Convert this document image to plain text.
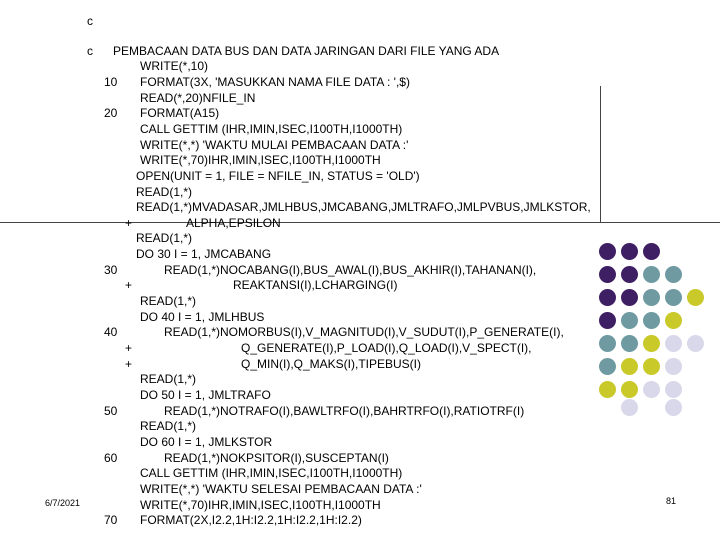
c
c PEMBACAAN DATA BUS DAN DATA JARINGAN DARI FILE YANG ADA
WRITE(*,10)
10 FORMAT(3X, 'MASUKKAN NAMA FILE DATA : ',$)
READ(*,20)NFILE_IN
20 FORMAT(A15)
CALL GETTIM (IHR,IMIN,ISEC,I100TH,I1000TH)
WRITE(*,*) 'WAKTU MULAI PEMBACAAN DATA :'
WRITE(*,70)IHR,IMIN,ISEC,I100TH,I1000TH
OPEN(UNIT = 1, FILE = NFILE_IN, STATUS = 'OLD')
READ(1,*)
READ(1,*)MVADASAR,JMLHBUS,JMCABANG,JMLTRAFO,JMLPVBUS,JMLKSTOR,
+	ALPHA,EPSILON
READ(1,*)
DO 30 I = 1, JMCABANG
30	READ(1,*)NOCABANG(I),BUS_AWAL(I),BUS_AKHIR(I),TAHANAN(I),
+	REAKTANSI(I),LCHARGING(I)
READ(1,*)
DO 40 I = 1, JMLHBUS
40	READ(1,*)NOMORBUS(I),V_MAGNITUD(I),V_SUDUT(I),P_GENERATE(I),
+	Q_GENERATE(I),P_LOAD(I),Q_LOAD(I),V_SPECT(I),
+	Q_MIN(I),Q_MAKS(I),TIPEBUS(I)
READ(1,*)
DO 50 I = 1, JMLTRAFO
50	READ(1,*)NOTRAFO(I),BAWLTRFO(I),BAHRTRFO(I),RATIOTRF(I)
READ(1,*)
DO 60 I = 1, JMLKSTOR
60	READ(1,*)NOKPSITOR(I),SUSCEPTAN(I)
CALL GETTIM (IHR,IMIN,ISEC,I100TH,I1000TH)
WRITE(*,*) 'WAKTU SELESAI PEMBACAAN DATA :'
WRITE(*,70)IHR,IMIN,ISEC,I100TH,I1000TH
70 FORMAT(2X,I2.2,1H:I2.2,1H:I2.2,1H:I2.2)
6/7/2021	81
